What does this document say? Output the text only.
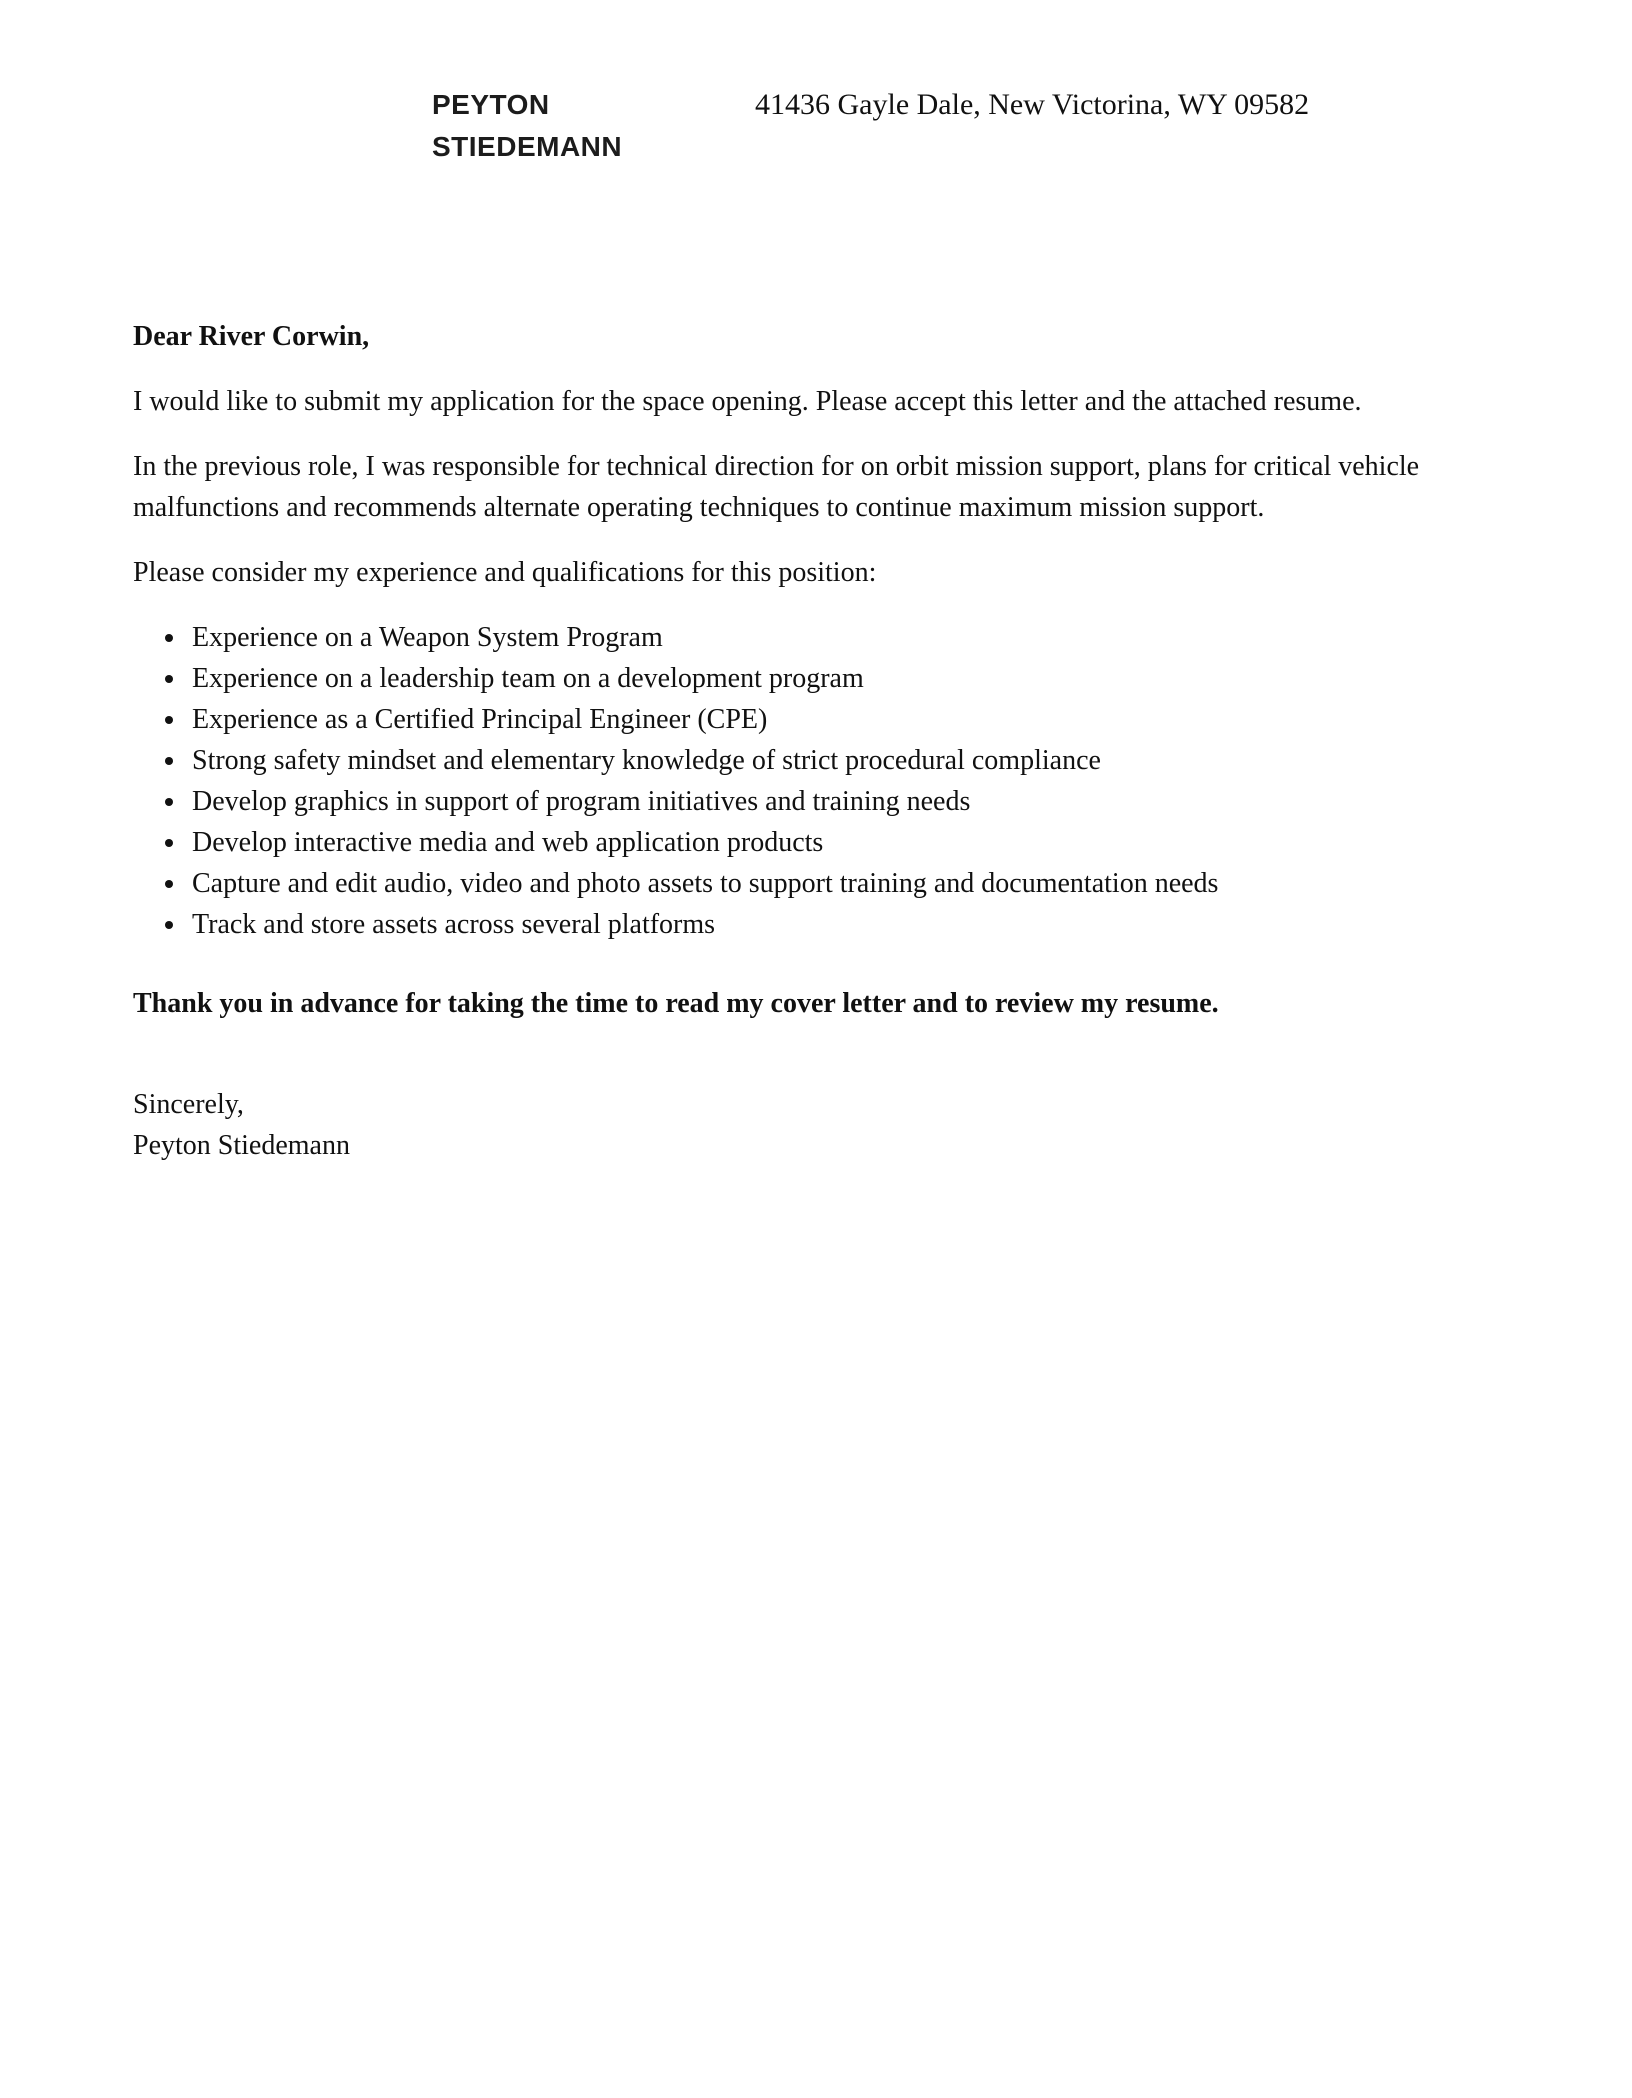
PEYTON
STIEDEMANN
41436 Gayle Dale, New Victorina, WY 09582

Dear River Corwin,

I would like to submit my application for the space opening. Please accept this letter and the attached resume.

In the previous role, I was responsible for technical direction for on orbit mission support, plans for critical vehicle malfunctions and recommends alternate operating techniques to continue maximum mission support.

Please consider my experience and qualifications for this position:

• Experience on a Weapon System Program
• Experience on a leadership team on a development program
• Experience as a Certified Principal Engineer (CPE)
• Strong safety mindset and elementary knowledge of strict procedural compliance
• Develop graphics in support of program initiatives and training needs
• Develop interactive media and web application products
• Capture and edit audio, video and photo assets to support training and documentation needs
• Track and store assets across several platforms

Thank you in advance for taking the time to read my cover letter and to review my resume.

Sincerely,

Peyton Stiedemann
